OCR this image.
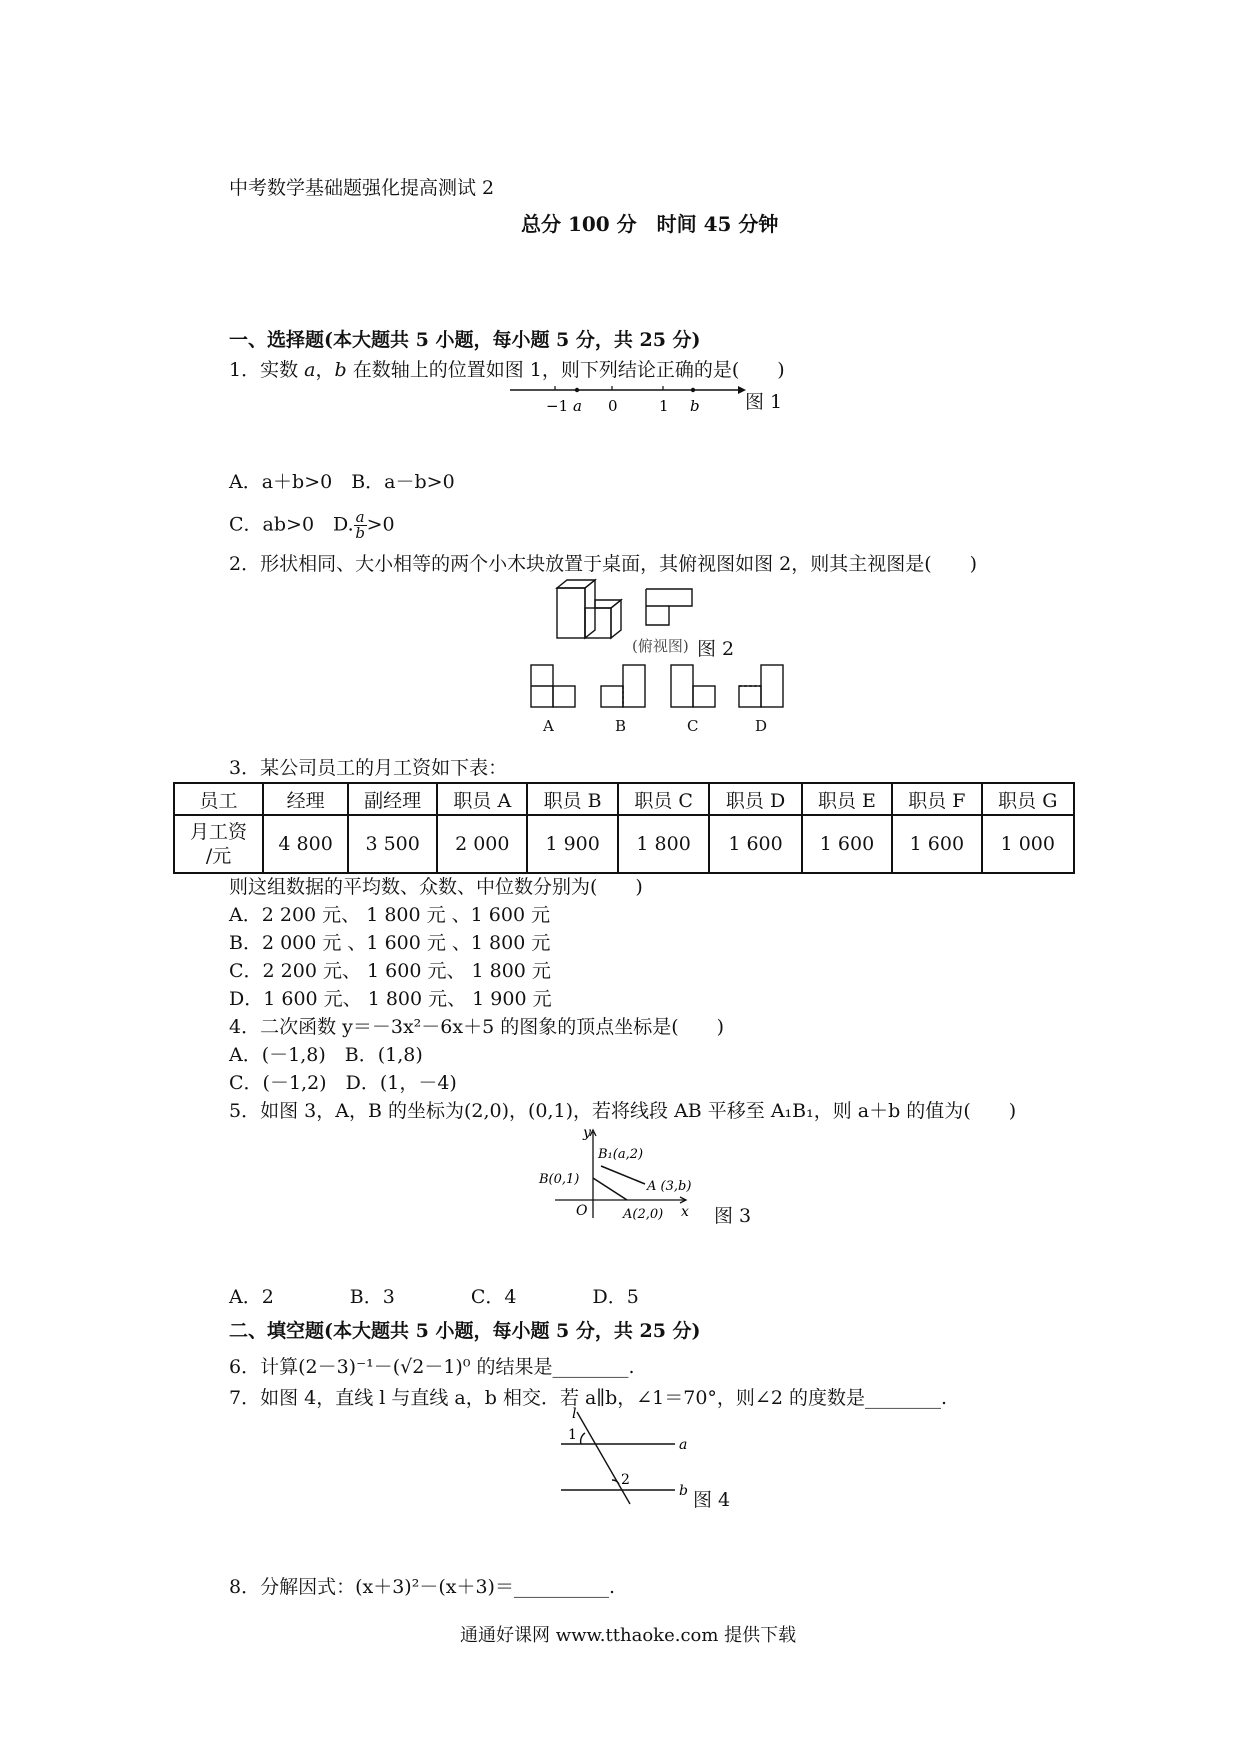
中考数学基础题强化提高测试 2
总分 100 分　时间 45 分钟
一、选择题(本大题共 5 小题，每小题 5 分，共 25 分)
1．实数 a，b 在数轴上的位置如图 1，则下列结论正确的是(　　)
−1 a 0	1 b 图 1
A．a＋b>0　B．a－b>0
C．ab>0　D. $\frac{a}{b} >0$
2．形状相同、大小相等的两个小木块放置于桌面，其俯视图如图 2，则其主视图是(　　)
(俯视图) 图 2
A	B	C	D
3．某公司员工的月工资如下表：
员工	经理	副经理	职员 A	职员 B	职员 C	职员 D	职员 E	职员 F	职员 G
月工资
/元	4 800	3 500	2 000	1 900	1 800	1 600	1 600	1 600	1 000
则这组数据的平均数、众数、中位数分别为(　　)
A．2 200 元、 1 800 元 、1 600 元
B．2 000 元 、1 600 元 、1 800 元
C．2 200 元、 1 600 元、 1 800 元
D．1 600 元、 1 800 元、 1 900 元
4．二次函数 y＝－3x²－6x＋5 的图象的顶点坐标是(　　)
A．(－1,8)　B．(1,8)
C．(－1,2)　D．(1，－4)
5．如图 3，A，B 的坐标为(2,0)，(0,1)，若将线段 AB 平移至 A₁B₁，则 a＋b 的值为(　　)
y
x
O
B₁(a,2)
A (3,b)
B(0,1)
A(2,0)	图 3
A．2　　　　B．3　　　　C．4　　　　D．5
二、填空题(本大题共 5 小题，每小题 5 分，共 25 分)
6．计算(2－3)⁻¹－(√2－1)⁰ 的结果是________.
7．如图 4，直线 l 与直线 a，b 相交．若 a∥b，∠1＝70°，则∠2 的度数是________.
l
1
a
2
b 图 4
8．分解因式：(x＋3)²－(x＋3)＝__________.
通通好课网 www.tthaoke.com 提供下载
